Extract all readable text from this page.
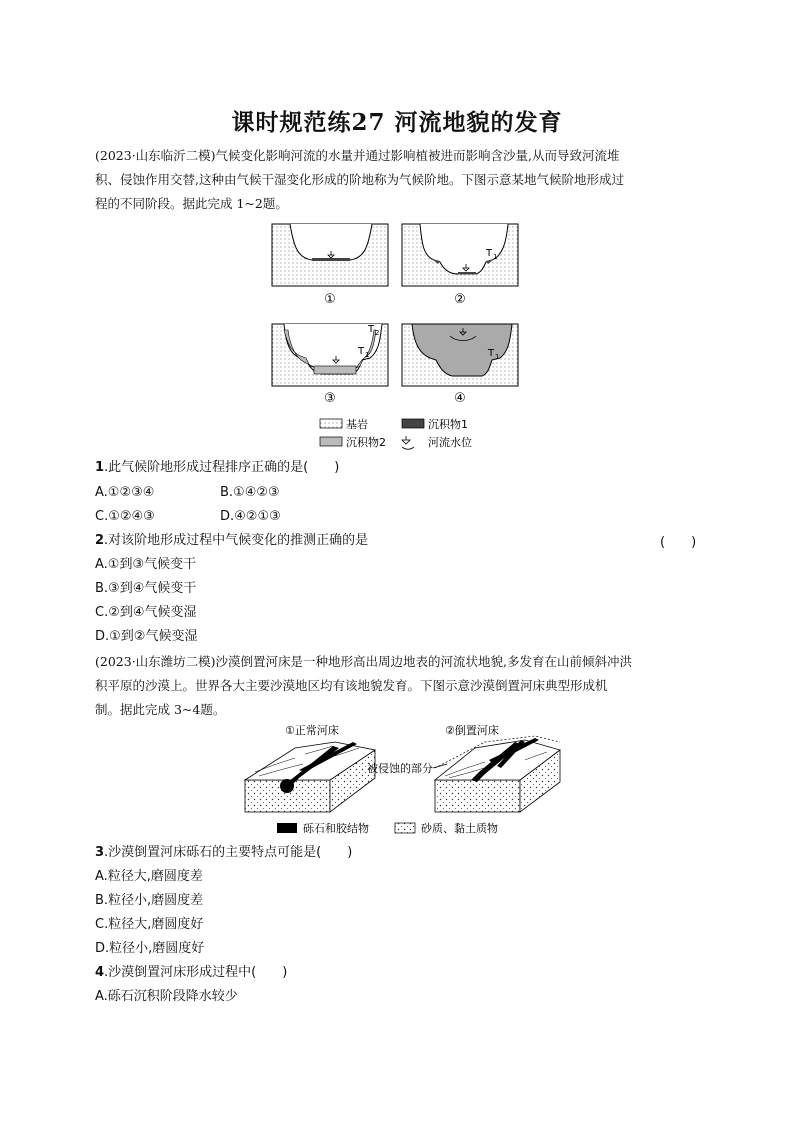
课时规范练27 河流地貌的发育
(2023·山东临沂二模)气候变化影响河流的水量并通过影响植被进而影响含沙量,从而导致河流堆
积、侵蚀作用交替,这种由气候干湿变化形成的阶地称为气候阶地。下图示意某地气候阶地形成过
程的不同阶段。据此完成 1~2题。
①
T 1
②
T 2
T 1
③
T 1
④
基岩	沉积物1
沉积物2	河流水位
1.此气候阶地形成过程排序正确的是(　　)
A.①②③④	B.①④②③
C.①②④③	D.④②①③
2.对该阶地形成过程中气候变化的推测正确的是	(　　)
A.①到③气候变干
B.③到④气候变干
C.②到④气候变湿
D.①到②气候变湿
(2023·山东潍坊二模)沙漠倒置河床是一种地形高出周边地表的河流状地貌,多发育在山前倾斜冲洪
积平原的沙漠上。世界各大主要沙漠地区均有该地貌发育。下图示意沙漠倒置河床典型形成机
制。据此完成 3~4题。
①正常河床	②倒置河床
被侵蚀的部分
砾石和胶结物	砂质、黏土质物
3.沙漠倒置河床砾石的主要特点可能是(　　)
A.粒径大,磨圆度差
B.粒径小,磨圆度差
C.粒径大,磨圆度好
D.粒径小,磨圆度好
4.沙漠倒置河床形成过程中(　　)
A.砾石沉积阶段降水较少
